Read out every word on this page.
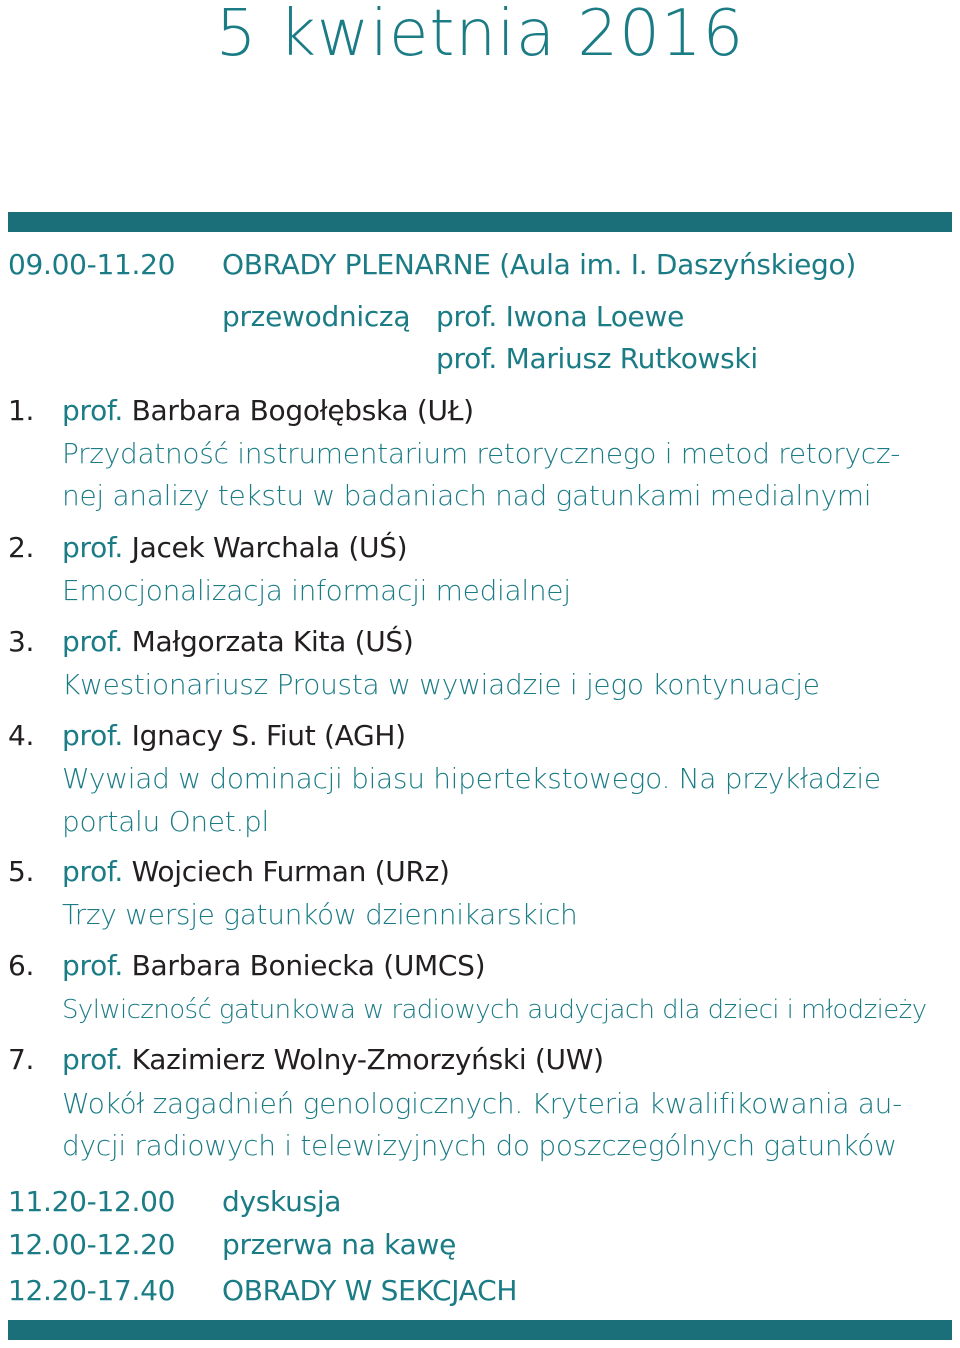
5 kwietnia 2016
09.00-11.20 OBRADY PLENARNE (Aula im. I. Daszyńskiego)
przewodniczą prof. Iwona Loewe
prof. Mariusz Rutkowski
1. prof. Barbara Bogołębska (UŁ)
Przydatność instrumentarium retorycznego i metod retorycz-
nej analizy tekstu w badaniach nad gatunkami medialnymi
2. prof. Jacek Warchala (UŚ)
Emocjonalizacja informacji medialnej
3. prof. Małgorzata Kita (UŚ)
Kwestionariusz Prousta w wywiadzie i jego kontynuacje
4. prof. Ignacy S. Fiut (AGH)
Wywiad w dominacji biasu hipertekstowego. Na przykładzie
portalu Onet.pl
5. prof. Wojciech Furman (URz)
Trzy wersje gatunków dziennikarskich
6. prof. Barbara Boniecka (UMCS)
Sylwiczność gatunkowa w radiowych audycjach dla dzieci i młodzieży
7. prof. Kazimierz Wolny-Zmorzyński (UW)
Wokół zagadnień genologicznych. Kryteria kwalifikowania au-
dycji radiowych i telewizyjnych do poszczególnych gatunków
11.20-12.00 dyskusja
12.00-12.20 przerwa na kawę
12.20-17.40 OBRADY W SEKCJACH
